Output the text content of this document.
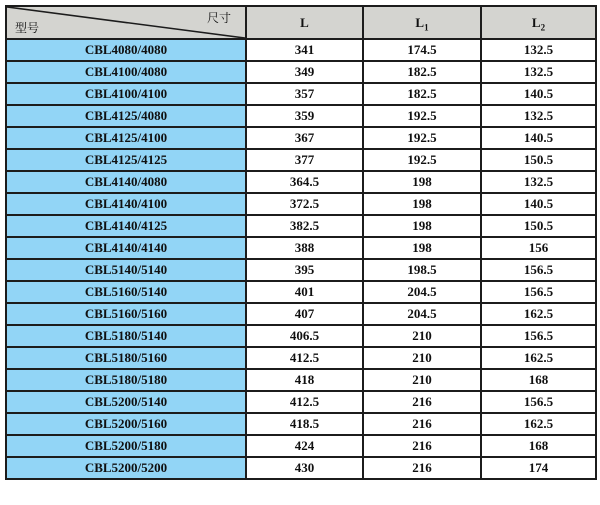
尺寸
型号	L	$L_1$	$L_2$
CBL4080/4080	341	174.5	132.5
CBL4100/4080	349	182.5	132.5
CBL4100/4100	357	182.5	140.5
CBL4125/4080	359	192.5	132.5
CBL4125/4100	367	192.5	140.5
CBL4125/4125	377	192.5	150.5
CBL4140/4080	364.5	198	132.5
CBL4140/4100	372.5	198	140.5
CBL4140/4125	382.5	198	150.5
CBL4140/4140	388	198	156
CBL5140/5140	395	198.5	156.5
CBL5160/5140	401	204.5	156.5
CBL5160/5160	407	204.5	162.5
CBL5180/5140	406.5	210	156.5
CBL5180/5160	412.5	210	162.5
CBL5180/5180	418	210	168
CBL5200/5140	412.5	216	156.5
CBL5200/5160	418.5	216	162.5
CBL5200/5180	424	216	168
CBL5200/5200	430	216	174
